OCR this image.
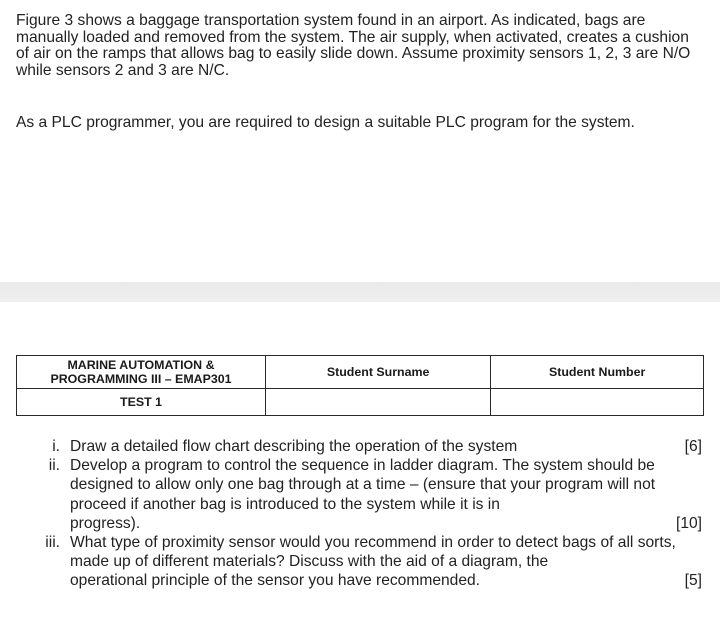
Figure 3 shows a baggage transportation system found in an airport. As indicated, bags are manually loaded and removed from the system. The air supply, when activated, creates a cushion of air on the ramps that allows bag to easily slide down. Assume proximity sensors 1, 2, 3 are N/O while sensors 2 and 3 are N/C.

As a PLC programmer, you are required to design a suitable PLC program for the system.

MARINE AUTOMATION &
PROGRAMMING III – EMAP301	Student Surname	Student Number
TEST 1		
i. Draw a detailed flow chart describing the operation of the system	[6]
ii. Develop a program to control the sequence in ladder diagram. The system should be designed to allow only one bag through at a time – (ensure that your program will not proceed if another bag is introduced to the system while it is in
progress).	[10]
iii. What type of proximity sensor would you recommend in order to detect bags of all sorts, made up of different materials? Discuss with the aid of a diagram, the
operational principle of the sensor you have recommended.	[5]
